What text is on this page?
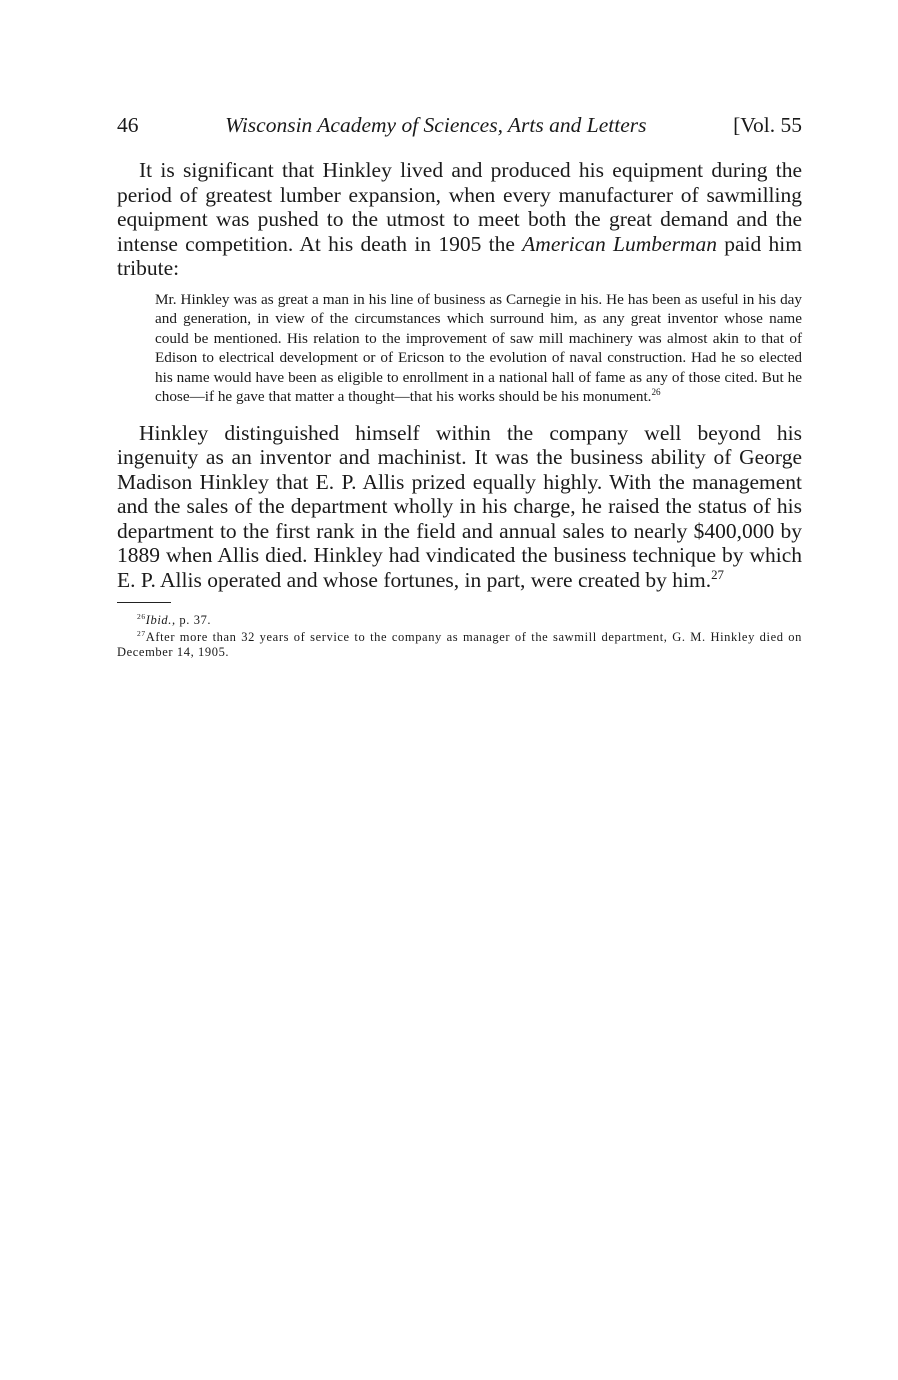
46	Wisconsin Academy of Sciences, Arts and Letters	[Vol. 55

It is significant that Hinkley lived and produced his equipment during the period of greatest lumber expansion, when every manufacturer of sawmilling equipment was pushed to the utmost to meet both the great demand and the intense competition. At his death in 1905 the American Lumberman paid him tribute:

Mr. Hinkley was as great a man in his line of business as Carnegie in his. He has been as useful in his day and generation, in view of the circumstances which surround him, as any great inventor whose name could be mentioned. His relation to the improvement of saw mill machinery was almost akin to that of Edison to electrical development or of Ericson to the evolution of naval construction. Had he so elected his name would have been as eligible to enrollment in a national hall of fame as any of those cited. But he chose—if he gave that matter a thought—that his works should be his monument.$^{26}$

Hinkley distinguished himself within the company well beyond his ingenuity as an inventor and machinist. It was the business ability of George Madison Hinkley that E. P. Allis prized equally highly. With the management and the sales of the department wholly in his charge, he raised the status of his department to the first rank in the field and annual sales to nearly $400,000 by 1889 when Allis died. Hinkley had vindicated the business technique by which E. P. Allis operated and whose fortunes, in part, were created by him.$^{27}$

$^{26}$Ibid., p. 37.

$^{27}$After more than 32 years of service to the company as manager of the sawmill department, G. M. Hinkley died on December 14, 1905.
